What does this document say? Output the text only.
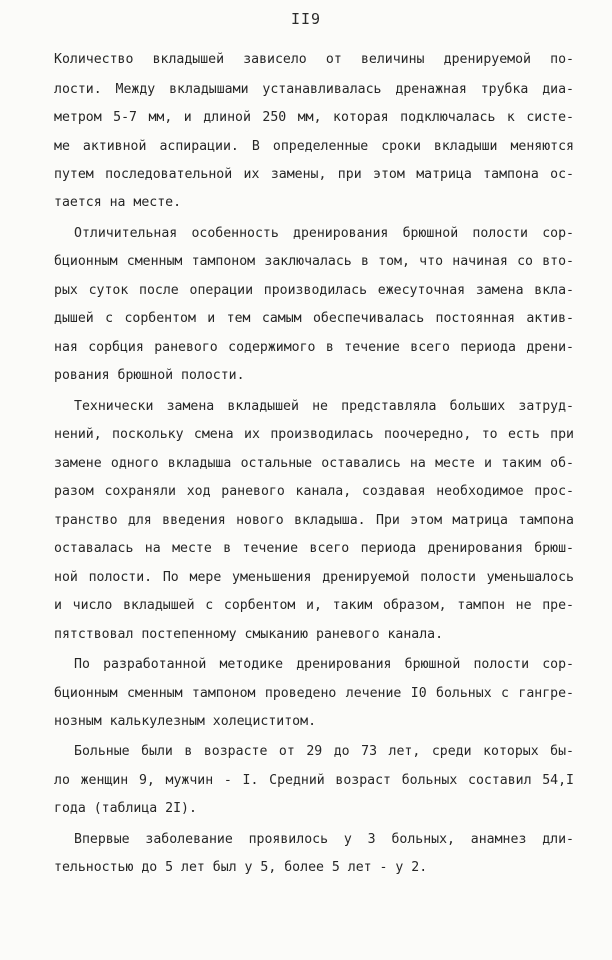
II9
Количество вкладышей зависело от величины дренируемой по-
лости. Между вкладышами устанавливалась дренажная трубка диа-
метром 5-7 мм, и длиной 250 мм, которая подключалась к систе-
ме активной аспирации. В определенные сроки вкладыши меняются
путем последовательной их замены, при этом матрица тампона ос-
тается на месте.
Отличительная особенность дренирования брюшной полости сор-
бционным сменным тампоном заключалась в том, что начиная со вто-
рых суток после операции производилась ежесуточная замена вкла-
дышей с сорбентом и тем самым обеспечивалась постоянная актив-
ная сорбция раневого содержимого в течение всего периода дрени-
рования брюшной полости.
Технически замена вкладышей не представляла больших затруд-
нений, поскольку смена их производилась поочередно, то есть при
замене одного вкладыша остальные оставались на месте и таким об-
разом сохраняли ход раневого канала, создавая необходимое прос-
транство для введения нового вкладыша. При этом матрица тампона
оставалась на месте в течение всего периода дренирования брюш-
ной полости. По мере уменьшения дренируемой полости уменьшалось
и число вкладышей с сорбентом и, таким образом, тампон не пре-
пятствовал постепенному смыканию раневого канала.
По разработанной методике дренирования брюшной полости сор-
бционным сменным тампоном проведено лечение I0 больных с гангре-
нозным калькулезным холециститом.
Больные были в возрасте от 29 до 73 лет, среди которых бы-
ло женщин 9, мужчин - I. Средний возраст больных составил 54,I
года (таблица 2I).
Впервые заболевание проявилось у 3 больных, анамнез дли-
тельностью до 5 лет был у 5, более 5 лет - у 2.
